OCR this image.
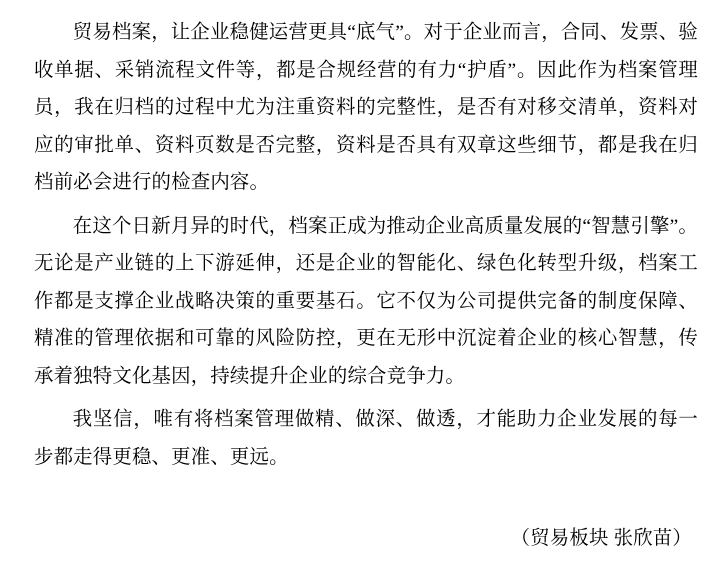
贸易档案，让企业稳健运营更具“底气”。对于企业而言，合同、发票、验收单据、采销流程文件等，都是合规经营的有力“护盾”。因此作为档案管理员，我在归档的过程中尤为注重资料的完整性，是否有对移交清单，资料对应的审批单、资料页数是否完整，资料是否具有双章这些细节，都是我在归档前必会进行的检查内容。

在这个日新月异的时代，档案正成为推动企业高质量发展的“智慧引擎”。无论是产业链的上下游延伸，还是企业的智能化、绿色化转型升级，档案工作都是支撑企业战略决策的重要基石。它不仅为公司提供完备的制度保障、精准的管理依据和可靠的风险防控，更在无形中沉淀着企业的核心智慧，传承着独特文化基因，持续提升企业的综合竞争力。

我坚信，唯有将档案管理做精、做深、做透，才能助力企业发展的每一步都走得更稳、更准、更远。

（贸易板块 张欣苗）
